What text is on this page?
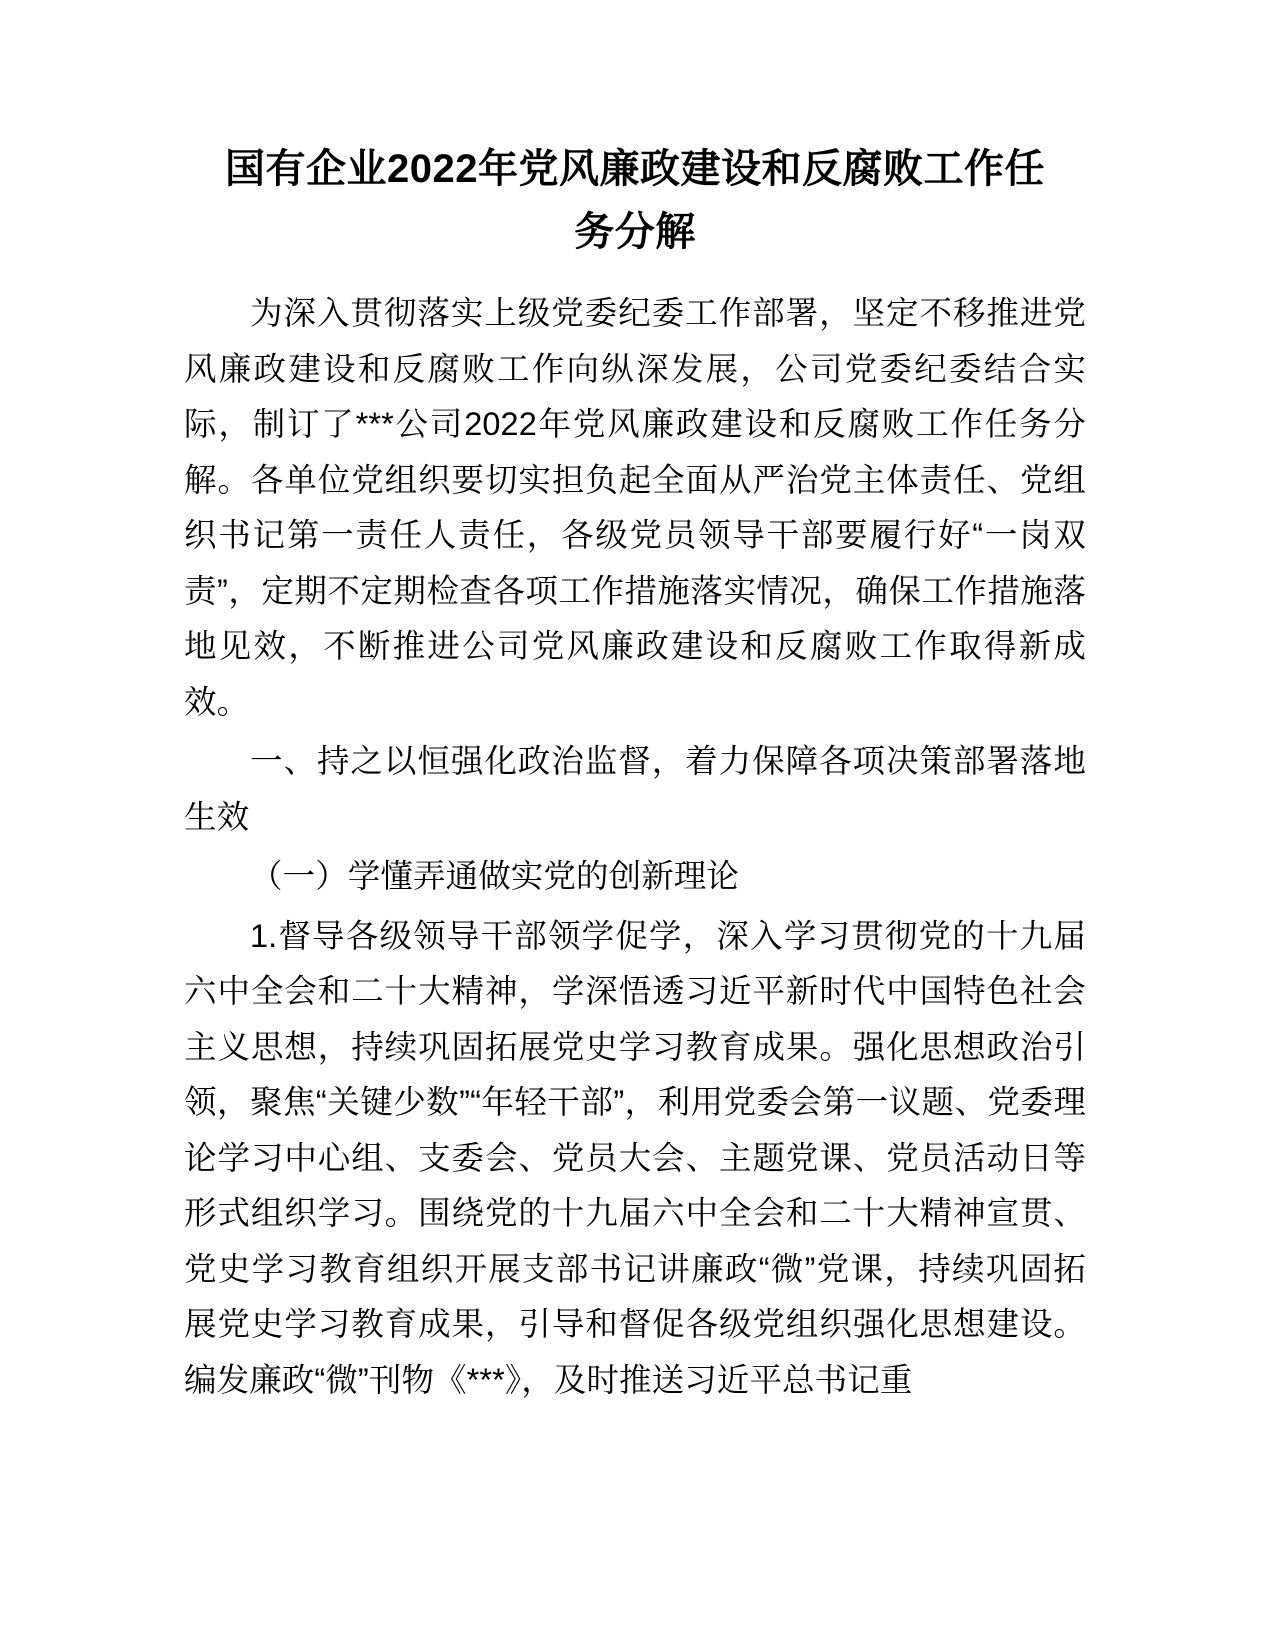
国有企业2022年党风廉政建设和反腐败工作任务分解

为深入贯彻落实上级党委纪委工作部署，坚定不移推进党风廉政建设和反腐败工作向纵深发展，公司党委纪委结合实际，制订了***公司2022年党风廉政建设和反腐败工作任务分解。各单位党组织要切实担负起全面从严治党主体责任、党组织书记第一责任人责任，各级党员领导干部要履行好“一岗双责”，定期不定期检查各项工作措施落实情况，确保工作措施落地见效，不断推进公司党风廉政建设和反腐败工作取得新成效。

一、持之以恒强化政治监督，着力保障各项决策部署落地生效

（一）学懂弄通做实党的创新理论

1.督导各级领导干部领学促学，深入学习贯彻党的十九届六中全会和二十大精神，学深悟透习近平新时代中国特色社会主义思想，持续巩固拓展党史学习教育成果。强化思想政治引领，聚焦“关键少数”“年轻干部”，利用党委会第一议题、党委理论学习中心组、支委会、党员大会、主题党课、党员活动日等形式组织学习。围绕党的十九届六中全会和二十大精神宣贯、党史学习教育组织开展支部书记讲廉政“微”党课，持续巩固拓展党史学习教育成果，引导和督促各级党组织强化思想建设。编发廉政“微”刊物《***》，及时推送习近平总书记重
